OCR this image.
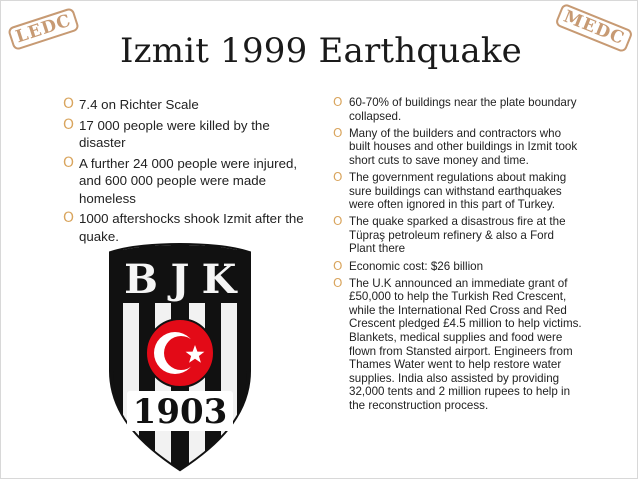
LEDC	MEDC
Izmit 1999 Earthquake
O 7.4 on Richter Scale
O 17 000 people were killed by the disaster
O A further 24 000 people were injured, and 600 000 people were made homeless
O 1000 aftershocks shook Izmit after the quake.
O 60-70% of buildings near the plate boundary collapsed.
O Many of the builders and contractors who built houses and other buildings in Izmit took short cuts to save money and time.
O The government regulations about making sure buildings can withstand earthquakes were often ignored in this part of Turkey.
O The quake sparked a disastrous fire at the Tüpraş petroleum refinery & also a Ford Plant there
O Economic cost: $26 billion
O The U.K announced an immediate grant of £50,000 to help the Turkish Red Crescent, while the International Red Cross and Red Crescent pledged £4.5 million to help victims. Blankets, medical supplies and food were flown from Stansted airport. Engineers from Thames Water went to help restore water supplies. India also assisted by providing 32,000 tents and 2 million rupees to help in the reconstruction process.
B J K
1903
